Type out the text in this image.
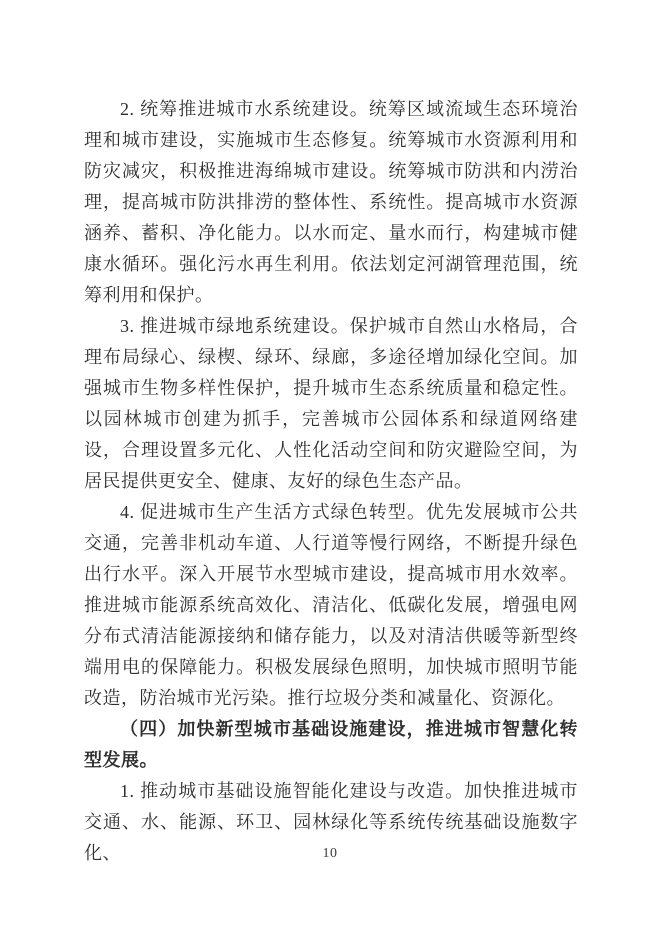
2. 统筹推进城市水系统建设。统筹区域流域生态环境治理和城市建设，实施城市生态修复。统筹城市水资源利用和防灾减灾，积极推进海绵城市建设。统筹城市防洪和内涝治理，提高城市防洪排涝的整体性、系统性。提高城市水资源涵养、蓄积、净化能力。以水而定、量水而行，构建城市健康水循环。强化污水再生利用。依法划定河湖管理范围，统筹利用和保护。

3. 推进城市绿地系统建设。保护城市自然山水格局，合理布局绿心、绿楔、绿环、绿廊，多途径增加绿化空间。加强城市生物多样性保护，提升城市生态系统质量和稳定性。以园林城市创建为抓手，完善城市公园体系和绿道网络建设，合理设置多元化、人性化活动空间和防灾避险空间，为居民提供更安全、健康、友好的绿色生态产品。

4. 促进城市生产生活方式绿色转型。优先发展城市公共交通，完善非机动车道、人行道等慢行网络，不断提升绿色出行水平。深入开展节水型城市建设，提高城市用水效率。推进城市能源系统高效化、清洁化、低碳化发展，增强电网分布式清洁能源接纳和储存能力，以及对清洁供暖等新型终端用电的保障能力。积极发展绿色照明，加快城市照明节能改造，防治城市光污染。推行垃圾分类和减量化、资源化。

（四）加快新型城市基础设施建设，推进城市智慧化转型发展。

1. 推动城市基础设施智能化建设与改造。加快推进城市交通、水、能源、环卫、园林绿化等系统传统基础设施数字化、	10
